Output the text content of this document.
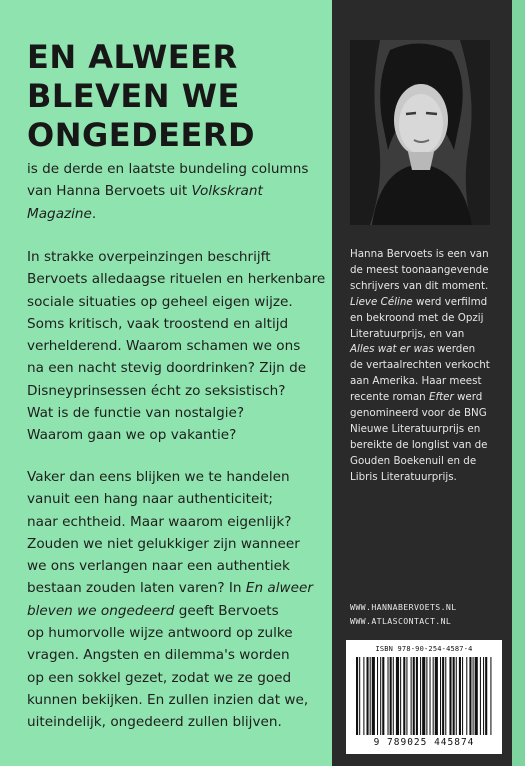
EN ALWEER
BLEVEN WE
ONGEDEERD

is de derde en laatste bundeling columns
van Hanna Bervoets uit Volkskrant
Magazine.

In strakke overpeinzingen beschrijft
Bervoets alledaagse rituelen en herkenbare
sociale situaties op geheel eigen wijze.
Soms kritisch, vaak troostend en altijd
verhelderend. Waarom schamen we ons
na een nacht stevig doordrinken? Zijn de
Disneyprinsessen écht zo seksistisch?
Wat is de functie van nostalgie?
Waarom gaan we op vakantie?

Vaker dan eens blijken we te handelen
vanuit een hang naar authenticiteit;
naar echtheid. Maar waarom eigenlijk?
Zouden we niet gelukkiger zijn wanneer
we ons verlangen naar een authentiek
bestaan zouden laten varen? In En alweer
bleven we ongedeerd geeft Bervoets
op humorvolle wijze antwoord op zulke
vragen. Angsten en dilemma's worden
op een sokkel gezet, zodat we ze goed
kunnen bekijken. En zullen inzien dat we,
uiteindelijk, ongedeerd zullen blijven.

Hanna Bervoets is een van
de meest toonaangevende
schrijvers van dit moment.
Lieve Céline werd verfilmd
en bekroond met de Opzij
Literatuurprijs, en van
Alles wat er was werden
de vertaalrechten verkocht
aan Amerika. Haar meest
recente roman Efter werd
genomineerd voor de BNG
Nieuwe Literatuurprijs en
bereikte de longlist van de
Gouden Boekenuil en de
Libris Literatuurprijs.

WWW.HANNABERVOETS.NL
WWW.ATLASCONTACT.NL
ISBN 978-90-254-4587-4
9 789025 445874
